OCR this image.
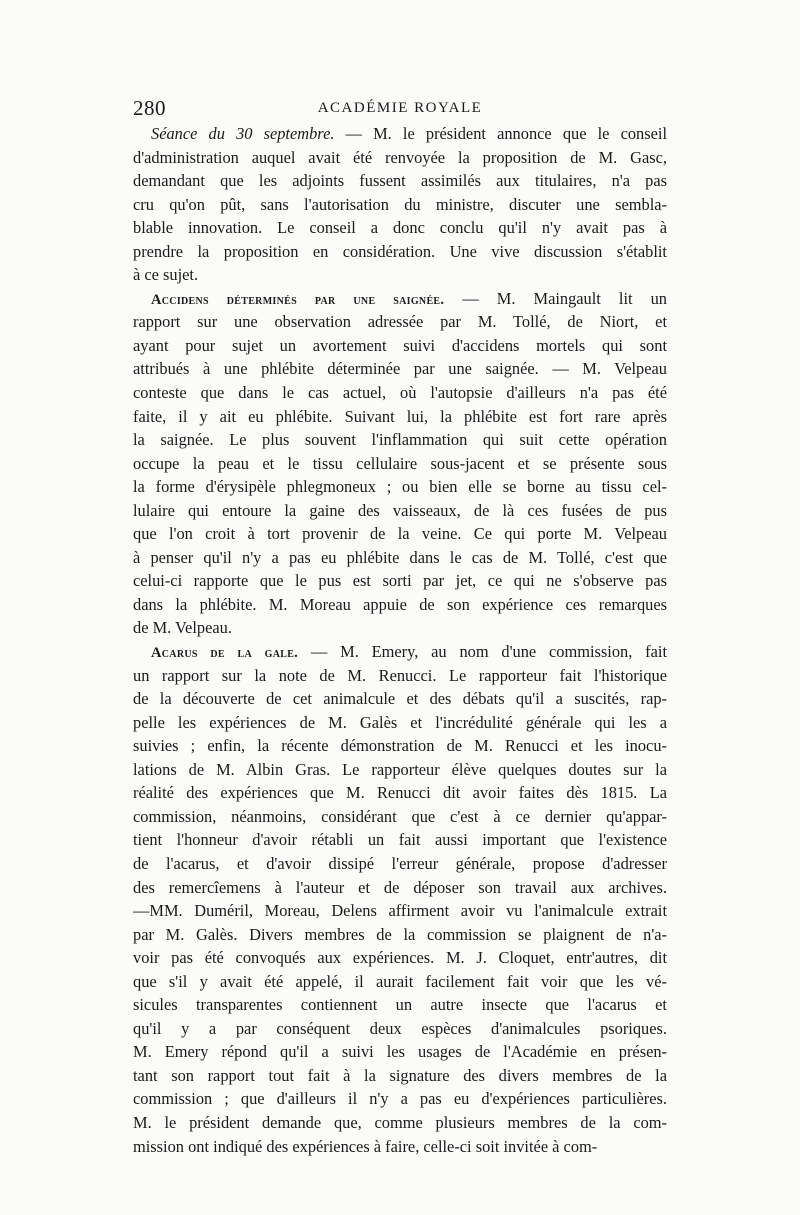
280	ACADÉMIE ROYALE
Séance du 30 septembre. — M. le président annonce que le conseil
d'administration auquel avait été renvoyée la proposition de M. Gasc,
demandant que les adjoints fussent assimilés aux titulaires, n'a pas
cru qu'on pût, sans l'autorisation du ministre, discuter une sembla-
blable innovation. Le conseil a donc conclu qu'il n'y avait pas à
prendre la proposition en considération. Une vive discussion s'établit
à ce sujet.
Accidens déterminés par une saignée. — M. Maingault lit un
rapport sur une observation adressée par M. Tollé, de Niort, et
ayant pour sujet un avortement suivi d'accidens mortels qui sont
attribués à une phlébite déterminée par une saignée. — M. Velpeau
conteste que dans le cas actuel, où l'autopsie d'ailleurs n'a pas été
faite, il y ait eu phlébite. Suivant lui, la phlébite est fort rare après
la saignée. Le plus souvent l'inflammation qui suit cette opération
occupe la peau et le tissu cellulaire sous-jacent et se présente sous
la forme d'érysipèle phlegmoneux ; ou bien elle se borne au tissu cel-
lulaire qui entoure la gaine des vaisseaux, de là ces fusées de pus
que l'on croit à tort provenir de la veine. Ce qui porte M. Velpeau
à penser qu'il n'y a pas eu phlébite dans le cas de M. Tollé, c'est que
celui-ci rapporte que le pus est sorti par jet, ce qui ne s'observe pas
dans la phlébite. M. Moreau appuie de son expérience ces remarques
de M. Velpeau.
Acarus de la gale. — M. Emery, au nom d'une commission, fait
un rapport sur la note de M. Renucci. Le rapporteur fait l'historique
de la découverte de cet animalcule et des débats qu'il a suscités, rap-
pelle les expériences de M. Galès et l'incrédulité générale qui les a
suivies ; enfin, la récente démonstration de M. Renucci et les inocu-
lations de M. Albin Gras. Le rapporteur élève quelques doutes sur la
réalité des expériences que M. Renucci dit avoir faites dès 1815. La
commission, néanmoins, considérant que c'est à ce dernier qu'appar-
tient l'honneur d'avoir rétabli un fait aussi important que l'existence
de l'acarus, et d'avoir dissipé l'erreur générale, propose d'adresser
des remercîemens à l'auteur et de déposer son travail aux archives.
—MM. Duméril, Moreau, Delens affirment avoir vu l'animalcule extrait
par M. Galès. Divers membres de la commission se plaignent de n'a-
voir pas été convoqués aux expériences. M. J. Cloquet, entr'autres, dit
que s'il y avait été appelé, il aurait facilement fait voir que les vé-
sicules transparentes contiennent un autre insecte que l'acarus et
qu'il y a par conséquent deux espèces d'animalcules psoriques.
M. Emery répond qu'il a suivi les usages de l'Académie en présen-
tant son rapport tout fait à la signature des divers membres de la
commission ; que d'ailleurs il n'y a pas eu d'expériences particulières.
M. le président demande que, comme plusieurs membres de la com-
mission ont indiqué des expériences à faire, celle-ci soit invitée à com-
